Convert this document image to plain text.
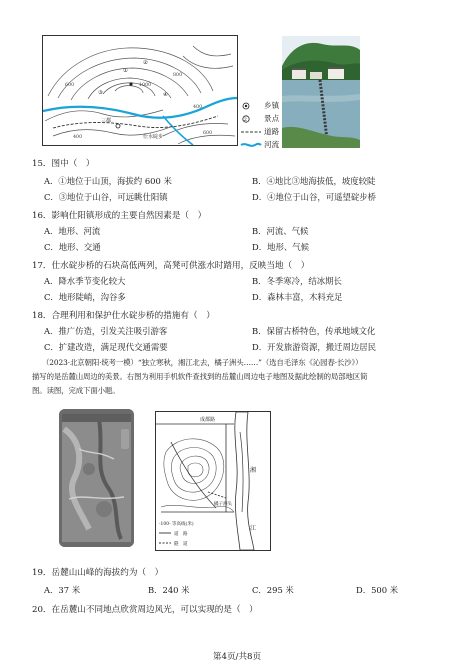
①
②
③	④
1000
800
600
400
400
600
三都
仕水碇步
乡镇
2 景点
道路
河流
15．图中（　）
A．①地位于山顶，海拔约 600 米	B．④地比③地海拔低，坡度较陡
C．③地位于山谷，可远眺仕阳镇	D．④地位于山谷，可遥望碇步桥
16．影响仕阳镇形成的主要自然因素是（　）
A．地形、河流	B．河流、气候
C．地形、交通	D．地形、气候
17．仕水碇步桥的石块高低两列，高凳可供涨水时踏用，反映当地（　）
A．降水季节变化较大	B．冬季寒冷，结冰期长
C．地形陡峭，沟谷多	D．森林丰富，木料充足
18．合理利用和保护仕水碇步桥的措施有（　）
A．推广仿造，引发关注吸引游客	B．保留古桥特色，传承地域文化
C．扩建改造，满足现代交通需要	D．开发旅游资源，搬迁周边居民
（2023·北京朝阳·统考一模）“独立寒秋，湘江北去，橘子洲头……”（选自毛泽东《沁园春·长沙》）
描写的是岳麓山周边的美景。右图为利用手机软件查找到的岳麓山周边电子地图及据此绘制的局部地区简
图。读图，完成下面小题。
成都路
湘
江
橘子洲头
-100- 等高线(米)
道　路
隧　道
19．岳麓山山峰的海拔约为（　）
A．37 米	B．240 米	C．295 米	D．500 米
20．在岳麓山不同地点欣赏周边风光，可以实现的是（　）
第4页/共8页
